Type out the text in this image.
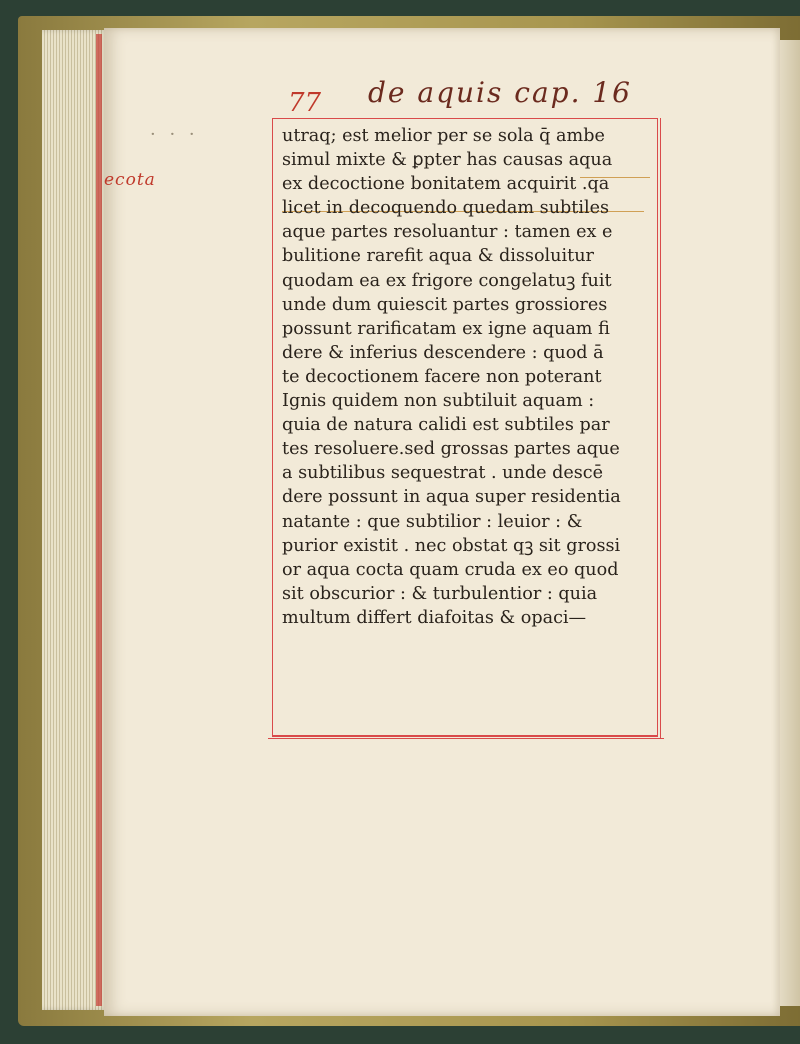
· · ·
ecota
77 de aquis cap. 16
utraq; est melior per se sola q̄ ambe
simul mixte & ꝑpter has causas aqua
ex decoctione bonitatem acquirit .qa
licet in decoquendo quedam subtiles
aque partes resoluantur : tamen ex e
bulitione rarefit aqua & dissoluitur
quodam ea ex frigore congelatuꝫ fuit
unde dum quiescit partes grossiores
possunt rarificatam ex igne aquam fi
dere & inferius descendere : quod ā
te decoctionem facere non poterant
Ignis quidem non subtiluit aquam :
quia de natura calidi est subtiles par
tes resoluere.sed grossas partes aque
a subtilibus sequestrat . unde descē
dere possunt in aqua super residentia
natante : que subtilior : leuior : &
purior existit . nec obstat qꝫ sit grossi
or aqua cocta quam cruda ex eo quod
sit obscurior : & turbulentior : quia
multum differt diafoitas & opaci—
